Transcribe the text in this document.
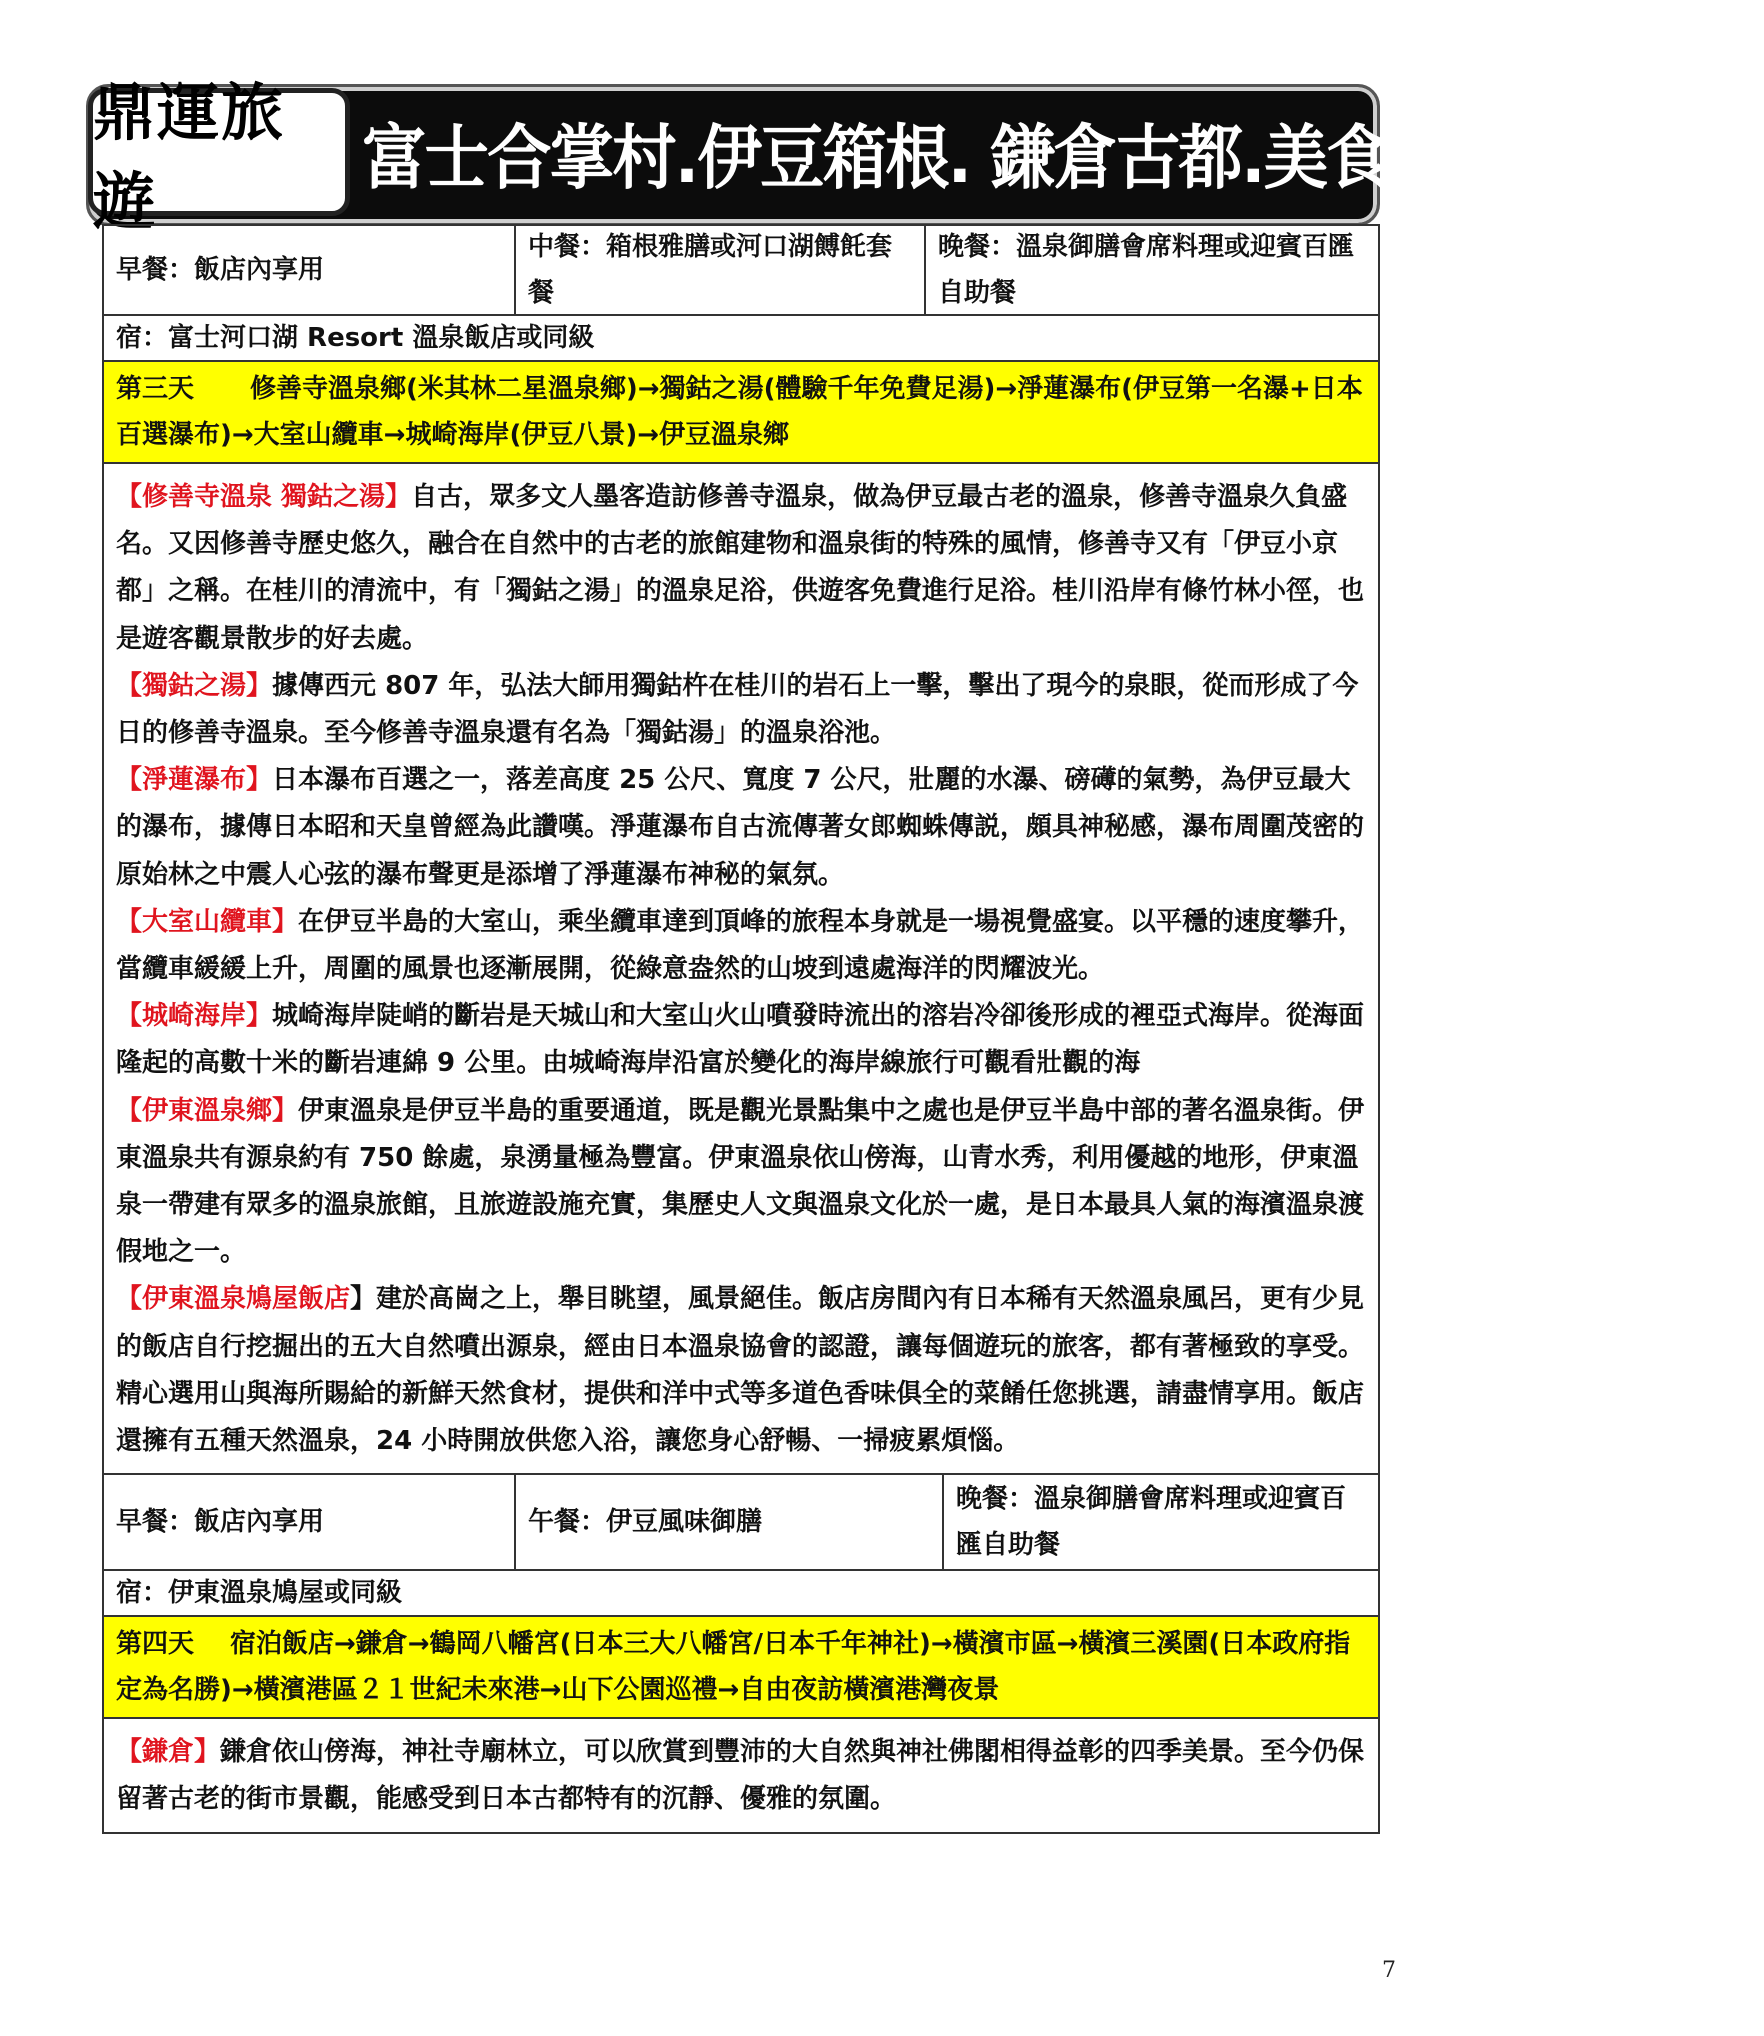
鼎運旅遊
富士合掌村.伊豆箱根. 鎌倉古都.美食饗宴溫泉五日
早餐：飯店內享用
中餐：箱根雅膳或河口湖餺飥套餐
晚餐：溫泉御膳會席料理或迎賓百匯自助餐
宿：富士河口湖 Resort 溫泉飯店或同級
第三天 修善寺溫泉鄉(米其林二星溫泉鄉)→獨鈷之湯(體驗千年免費足湯)→淨蓮瀑布(伊豆第一名瀑+日本百選瀑布)→大室山纜車→城崎海岸(伊豆八景)→伊豆溫泉鄉

【修善寺溫泉 獨鈷之湯】自古，眾多文人墨客造訪修善寺溫泉，做為伊豆最古老的溫泉，修善寺溫泉久負盛名。又因修善寺歷史悠久，融合在自然中的古老的旅館建物和溫泉街的特殊的風情，修善寺又有「伊豆小京都」之稱。在桂川的清流中，有「獨鈷之湯」的溫泉足浴，供遊客免費進行足浴。桂川沿岸有條竹林小徑，也是遊客觀景散步的好去處。

【獨鈷之湯】據傳西元 807 年，弘法大師用獨鈷杵在桂川的岩石上一擊，擊出了現今的泉眼，從而形成了今日的修善寺溫泉。至今修善寺溫泉還有名為「獨鈷湯」的溫泉浴池。

【淨蓮瀑布】日本瀑布百選之一，落差高度 25 公尺、寬度 7 公尺，壯麗的水瀑、磅礡的氣勢，為伊豆最大的瀑布，據傳日本昭和天皇曾經為此讚嘆。淨蓮瀑布自古流傳著女郎蜘蛛傳説，頗具神秘感，瀑布周圍茂密的原始林之中震人心弦的瀑布聲更是添增了淨蓮瀑布神秘的氣氛。

【大室山纜車】在伊豆半島的大室山，乘坐纜車達到頂峰的旅程本身就是一場視覺盛宴。以平穩的速度攀升，當纜車緩緩上升，周圍的風景也逐漸展開，從綠意盎然的山坡到遠處海洋的閃耀波光。

【城崎海岸】城崎海岸陡峭的斷岩是天城山和大室山火山噴發時流出的溶岩冷卻後形成的裡亞式海岸。從海面隆起的高數十米的斷岩連綿 9 公里。由城崎海岸沿富於變化的海岸線旅行可觀看壯觀的海

【伊東溫泉鄉】伊東溫泉是伊豆半島的重要通道，既是觀光景點集中之處也是伊豆半島中部的著名溫泉街。伊東溫泉共有源泉約有 750 餘處，泉湧量極為豐富。伊東溫泉依山傍海，山青水秀，利用優越的地形，伊東溫泉一帶建有眾多的溫泉旅館，且旅遊設施充實，集歷史人文與溫泉文化於一處，是日本最具人氣的海濱溫泉渡假地之一。

【伊東溫泉鳩屋飯店】建於高崗之上，舉目眺望，風景絕佳。飯店房間內有日本稀有天然溫泉風呂，更有少見的飯店自行挖掘出的五大自然噴出源泉，經由日本溫泉協會的認證，讓每個遊玩的旅客，都有著極致的享受。精心選用山與海所賜給的新鮮天然食材，提供和洋中式等多道色香味俱全的菜餚任您挑選，請盡情享用。飯店還擁有五種天然溫泉，24 小時開放供您入浴，讓您身心舒暢、一掃疲累煩惱。

早餐：飯店內享用	午餐：伊豆風味御膳
晚餐：溫泉御膳會席料理或迎賓百匯自助餐
宿：伊東溫泉鳩屋或同級
第四天 宿泊飯店→鎌倉→鶴岡八幡宮(日本三大八幡宮/日本千年神社)→橫濱市區→橫濱三溪園(日本政府指定為名勝)→橫濱港區２１世紀未來港→山下公園巡禮→自由夜訪橫濱港灣夜景

【鎌倉】鎌倉依山傍海，神社寺廟林立，可以欣賞到豐沛的大自然與神社佛閣相得益彰的四季美景。至今仍保留著古老的街市景觀，能感受到日本古都特有的沉靜、優雅的氛圍。

7
